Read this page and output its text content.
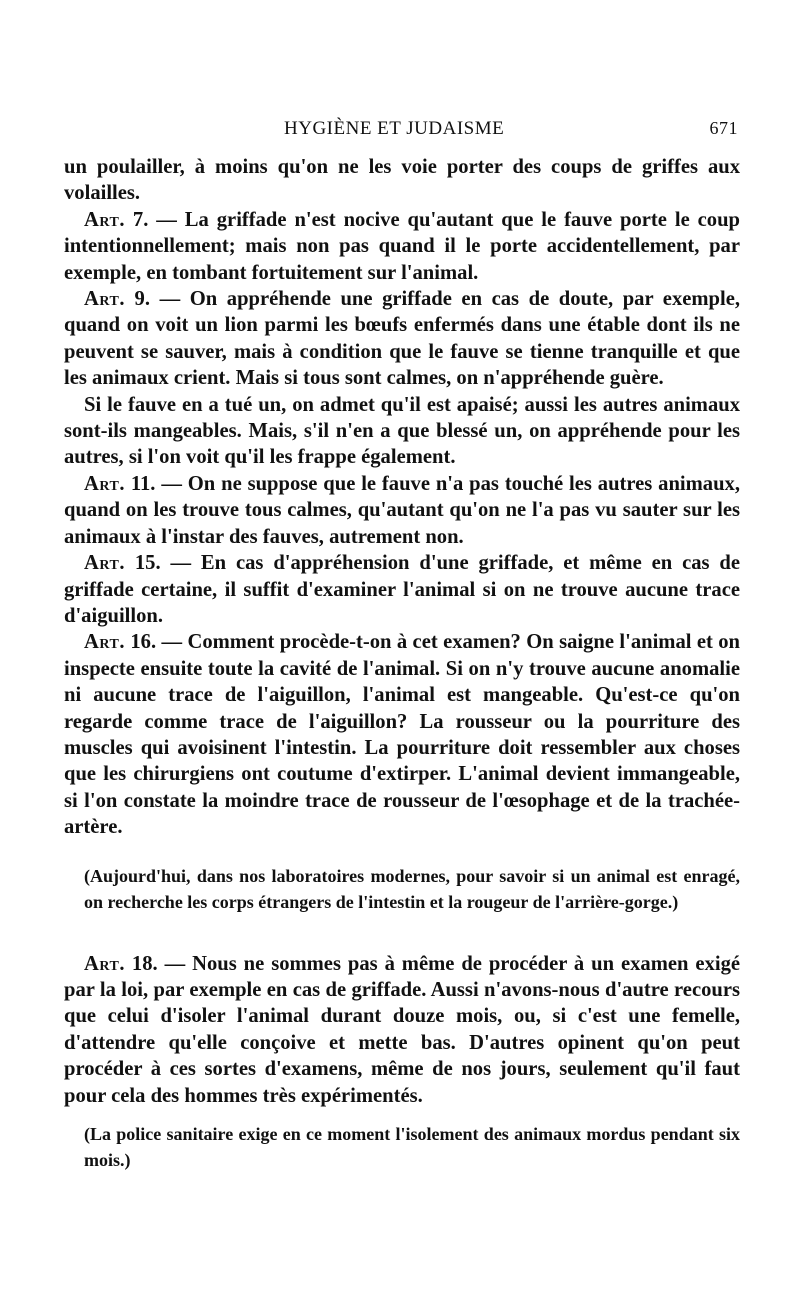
HYGIÈNE ET JUDAISME	671

un poulailler, à moins qu'on ne les voie porter des coups de griffes aux volailles.

Art. 7. — La griffade n'est nocive qu'autant que le fauve porte le coup intentionnellement; mais non pas quand il le porte accidentellement, par exemple, en tombant fortuitement sur l'animal.

Art. 9. — On appréhende une griffade en cas de doute, par exemple, quand on voit un lion parmi les bœufs enfermés dans une étable dont ils ne peuvent se sauver, mais à condition que le fauve se tienne tranquille et que les animaux crient. Mais si tous sont calmes, on n'appréhende guère.

Si le fauve en a tué un, on admet qu'il est apaisé; aussi les autres animaux sont-ils mangeables. Mais, s'il n'en a que blessé un, on appréhende pour les autres, si l'on voit qu'il les frappe également.

Art. 11. — On ne suppose que le fauve n'a pas touché les autres animaux, quand on les trouve tous calmes, qu'autant qu'on ne l'a pas vu sauter sur les animaux à l'instar des fauves, autrement non.

Art. 15. — En cas d'appréhension d'une griffade, et même en cas de griffade certaine, il suffit d'examiner l'animal si on ne trouve aucune trace d'aiguillon.

Art. 16. — Comment procède-t-on à cet examen? On saigne l'animal et on inspecte ensuite toute la cavité de l'animal. Si on n'y trouve aucune anomalie ni aucune trace de l'aiguillon, l'animal est mangeable. Qu'est-ce qu'on regarde comme trace de l'aiguillon? La rousseur ou la pourriture des muscles qui avoisinent l'intestin. La pourriture doit ressembler aux choses que les chirurgiens ont coutume d'extirper. L'animal devient immangeable, si l'on constate la moindre trace de rousseur de l'œsophage et de la trachée-artère.

(Aujourd'hui, dans nos laboratoires modernes, pour savoir si un animal est enragé, on recherche les corps étrangers de l'intestin et la rougeur de l'arrière-gorge.)

Art. 18. — Nous ne sommes pas à même de procéder à un examen exigé par la loi, par exemple en cas de griffade. Aussi n'avons-nous d'autre recours que celui d'isoler l'animal durant douze mois, ou, si c'est une femelle, d'attendre qu'elle conçoive et mette bas. D'autres opinent qu'on peut procéder à ces sortes d'examens, même de nos jours, seulement qu'il faut pour cela des hommes très expérimentés.

(La police sanitaire exige en ce moment l'isolement des animaux mordus pendant six mois.)
